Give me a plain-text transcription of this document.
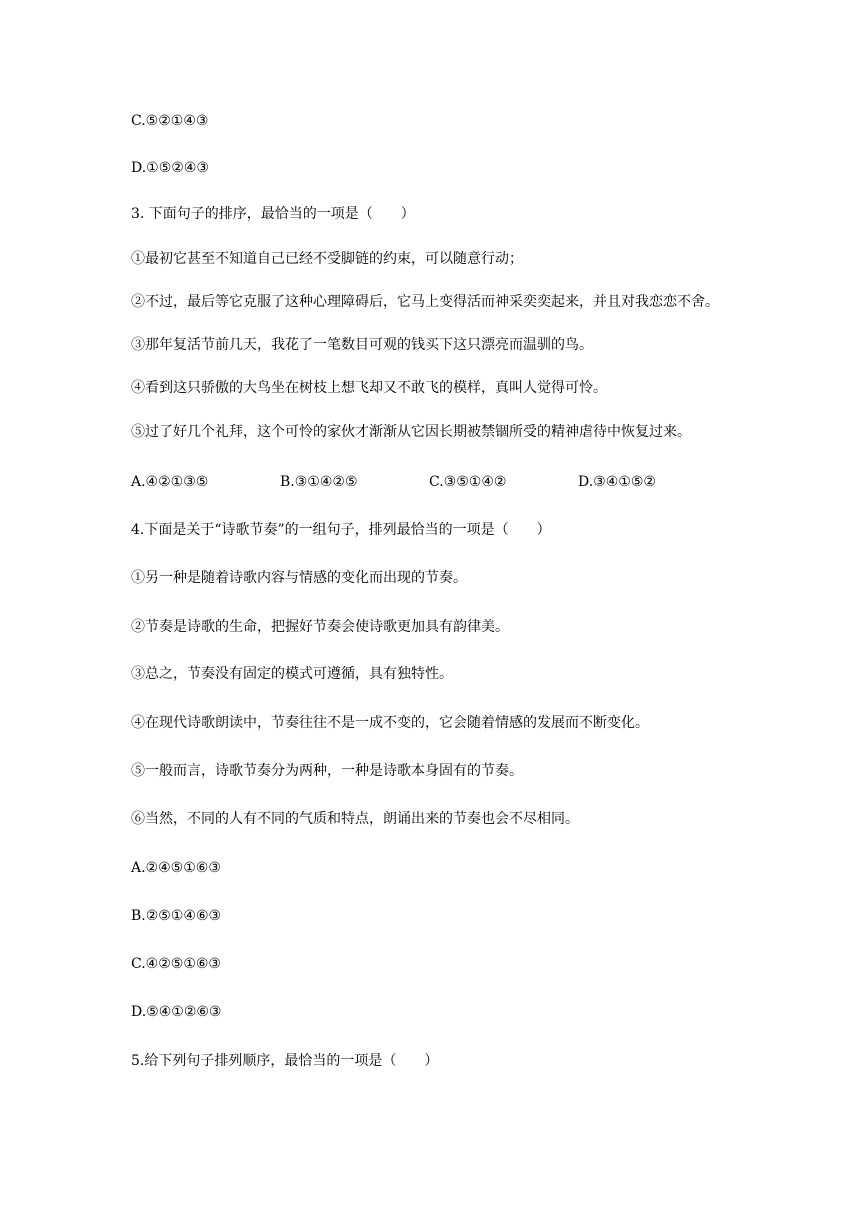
C.⑤②①④③
D.①⑤②④③
3. 下面句子的排序，最恰当的一项是（　　）
①最初它甚至不知道自己已经不受脚链的约束，可以随意行动；
②不过，最后等它克服了这种心理障碍后，它马上变得活而神采奕奕起来，并且对我恋恋不舍。
③那年复活节前几天，我花了一笔数目可观的钱买下这只漂亮而温驯的鸟。
④看到这只骄傲的大鸟坐在树枝上想飞却又不敢飞的模样，真叫人觉得可怜。
⑤过了好几个礼拜，这个可怜的家伙才渐渐从它因长期被禁锢所受的精神虐待中恢复过来。
A.④②①③⑤	B.③①④②⑤	C.③⑤①④②	D.③④①⑤②
4.下面是关于“诗歌节奏”的一组句子，排列最恰当的一项是（　　）
①另一种是随着诗歌内容与情感的变化而出现的节奏。
②节奏是诗歌的生命，把握好节奏会使诗歌更加具有韵律美。
③总之，节奏没有固定的模式可遵循，具有独特性。
④在现代诗歌朗读中，节奏往往不是一成不变的，它会随着情感的发展而不断变化。
⑤一般而言，诗歌节奏分为两种，一种是诗歌本身固有的节奏。
⑥当然，不同的人有不同的气质和特点，朗诵出来的节奏也会不尽相同。
A.②④⑤①⑥③
B.②⑤①④⑥③
C.④②⑤①⑥③
D.⑤④①②⑥③
5.给下列句子排列顺序，最恰当的一项是（　　）
